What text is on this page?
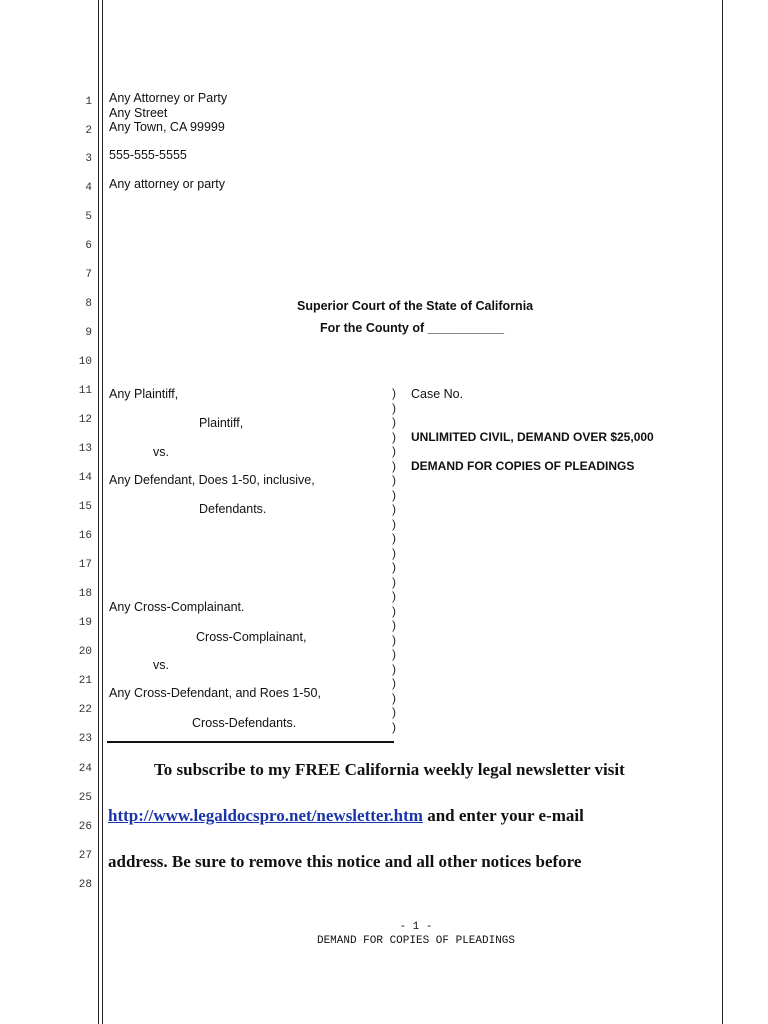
1
2
3
4
5
6
7
8
9
10
11
12
13
14
15
16
17
18
19
20
21
22
23
24
25
26
27
28
Any Attorney or Party
Any Street
Any Town, CA 99999
555-555-5555
Any attorney or party
Superior Court of the State of California
For the County of ___________
Any Plaintiff,
Plaintiff,
vs.
Any Defendant, Does 1-50, inclusive,
Defendants.
Any Cross-Complainant.
Cross-Complainant,
vs.
Any Cross-Defendant, and Roes 1-50,
Cross-Defendants.
)
)
)
)
)
)
)
)
)
)
)
)
)
)
)
)
)
)
)
)
)
)
)
)
Case No.
UNLIMITED CIVIL, DEMAND OVER $25,000
DEMAND FOR COPIES OF PLEADINGS
To subscribe to my FREE California weekly legal newsletter visit
http://www.legaldocspro.net/newsletter.htm and enter your e-mail
address. Be sure to remove this notice and all other notices before
- 1 -
DEMAND FOR COPIES OF PLEADINGS
